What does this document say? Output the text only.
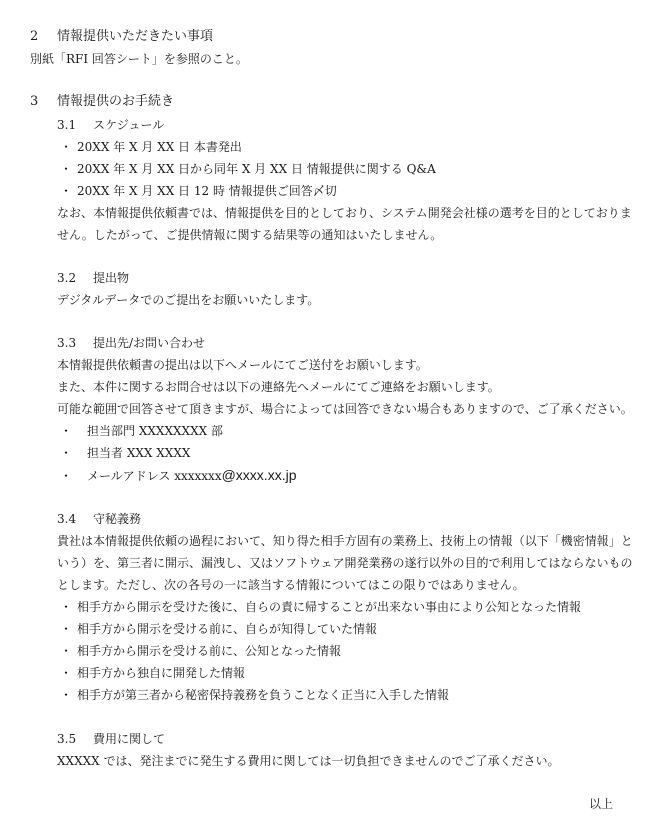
2 情報提供いただきたい事項
別紙「RFI 回答シート」を参照のこと。
3 情報提供のお手続き
3.1 スケジュール
・ 20XX 年 X 月 XX 日 本書発出
・ 20XX 年 X 月 XX 日から同年 X 月 XX 日 情報提供に関する Q&A
・ 20XX 年 X 月 XX 日 12 時 情報提供ご回答〆切
なお、本情報提供依頼書では、情報提供を目的としており、システム開発会社様の選考を目的としておりま
せん。したがって、ご提供情報に関する結果等の通知はいたしません。
3.2 提出物
デジタルデータでのご提出をお願いいたします。
3.3 提出先/お問い合わせ
本情報提供依頼書の提出は以下へメールにてご送付をお願いします。
また、本件に関するお問合せは以下の連絡先へメールにてご連絡をお願いします。
可能な範囲で回答させて頂きますが、場合によっては回答できない場合もありますので、ご了承ください。
・ 担当部門 XXXXXXXX 部
・ 担当者 XXX XXXX
・ メールアドレス xxxxxxx@xxxx.xx.jp
3.4 守秘義務
貴社は本情報提供依頼の過程において、知り得た相手方固有の業務上、技術上の情報（以下「機密情報」と
いう）を、第三者に開示、漏洩し、又はソフトウェア開発業務の遂行以外の目的で利用してはならないもの
とします。ただし、次の各号の一に該当する情報についてはこの限りではありません。
・ 相手方から開示を受けた後に、自らの責に帰することが出来ない事由により公知となった情報
・ 相手方から開示を受ける前に、自らが知得していた情報
・ 相手方から開示を受ける前に、公知となった情報
・ 相手方から独自に開発した情報
・ 相手方が第三者から秘密保持義務を負うことなく正当に入手した情報
3.5 費用に関して
XXXXX では、発注までに発生する費用に関しては一切負担できませんのでご了承ください。
以上
